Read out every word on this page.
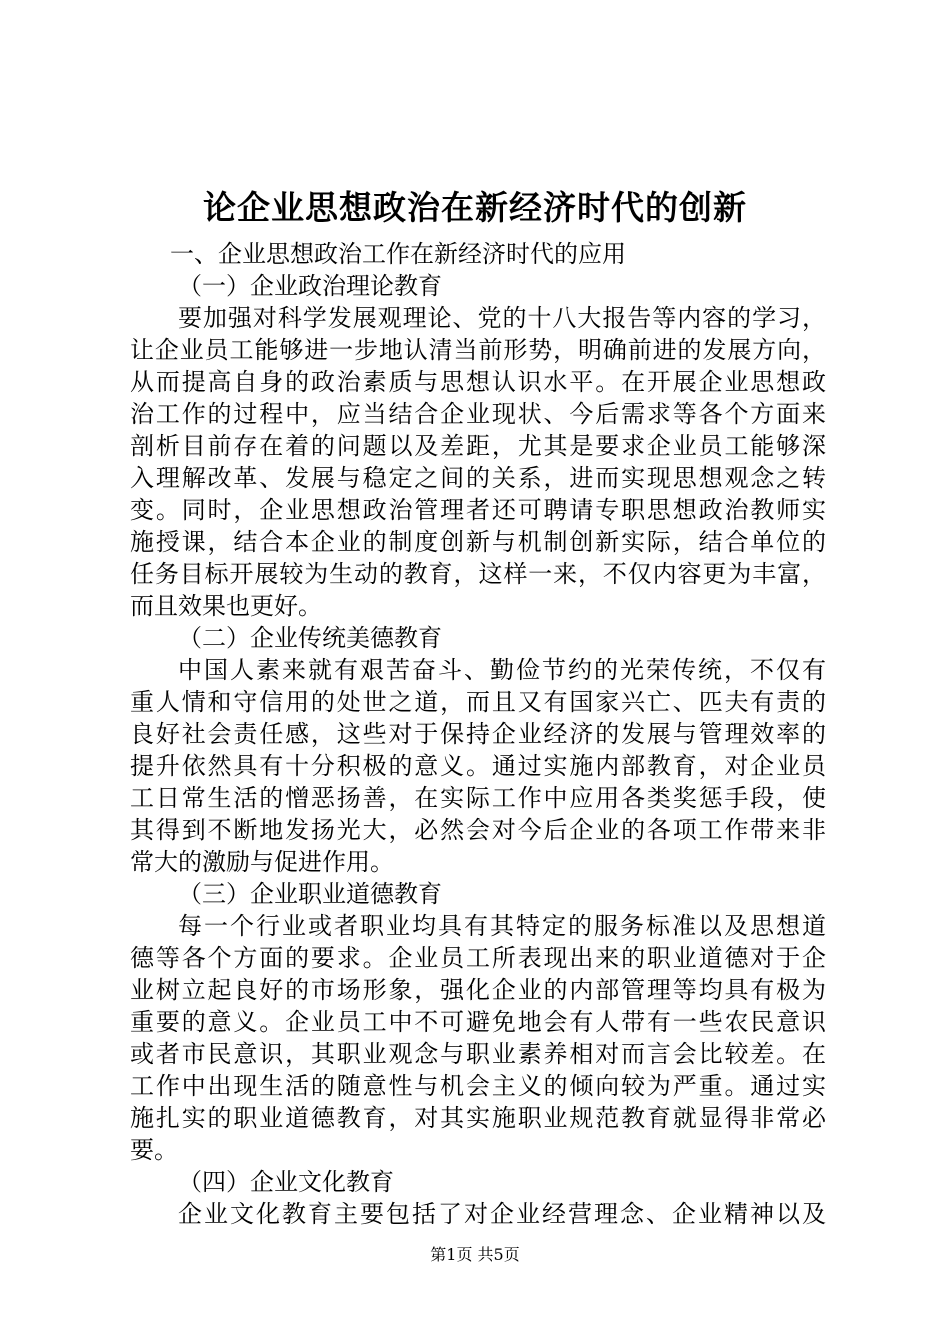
论企业思想政治在新经济时代的创新
一、企业思想政治工作在新经济时代的应用
（一）企业政治理论教育
要加强对科学发展观理论、党的十八大报告等内容的学习，
让企业员工能够进一步地认清当前形势，明确前进的发展方向，
从而提高自身的政治素质与思想认识水平。在开展企业思想政
治工作的过程中，应当结合企业现状、今后需求等各个方面来
剖析目前存在着的问题以及差距，尤其是要求企业员工能够深
入理解改革、发展与稳定之间的关系，进而实现思想观念之转
变。同时，企业思想政治管理者还可聘请专职思想政治教师实
施授课，结合本企业的制度创新与机制创新实际，结合单位的
任务目标开展较为生动的教育，这样一来，不仅内容更为丰富，
而且效果也更好。
（二）企业传统美德教育
中国人素来就有艰苦奋斗、勤俭节约的光荣传统，不仅有
重人情和守信用的处世之道，而且又有国家兴亡、匹夫有责的
良好社会责任感，这些对于保持企业经济的发展与管理效率的
提升依然具有十分积极的意义。通过实施内部教育，对企业员
工日常生活的憎恶扬善，在实际工作中应用各类奖惩手段，使
其得到不断地发扬光大，必然会对今后企业的各项工作带来非
常大的激励与促进作用。
（三）企业职业道德教育
每一个行业或者职业均具有其特定的服务标准以及思想道
德等各个方面的要求。企业员工所表现出来的职业道德对于企
业树立起良好的市场形象，强化企业的内部管理等均具有极为
重要的意义。企业员工中不可避免地会有人带有一些农民意识
或者市民意识，其职业观念与职业素养相对而言会比较差。在
工作中出现生活的随意性与机会主义的倾向较为严重。通过实
施扎实的职业道德教育，对其实施职业规范教育就显得非常必
要。
（四）企业文化教育
企业文化教育主要包括了对企业经营理念、企业精神以及
第1页 共5页
